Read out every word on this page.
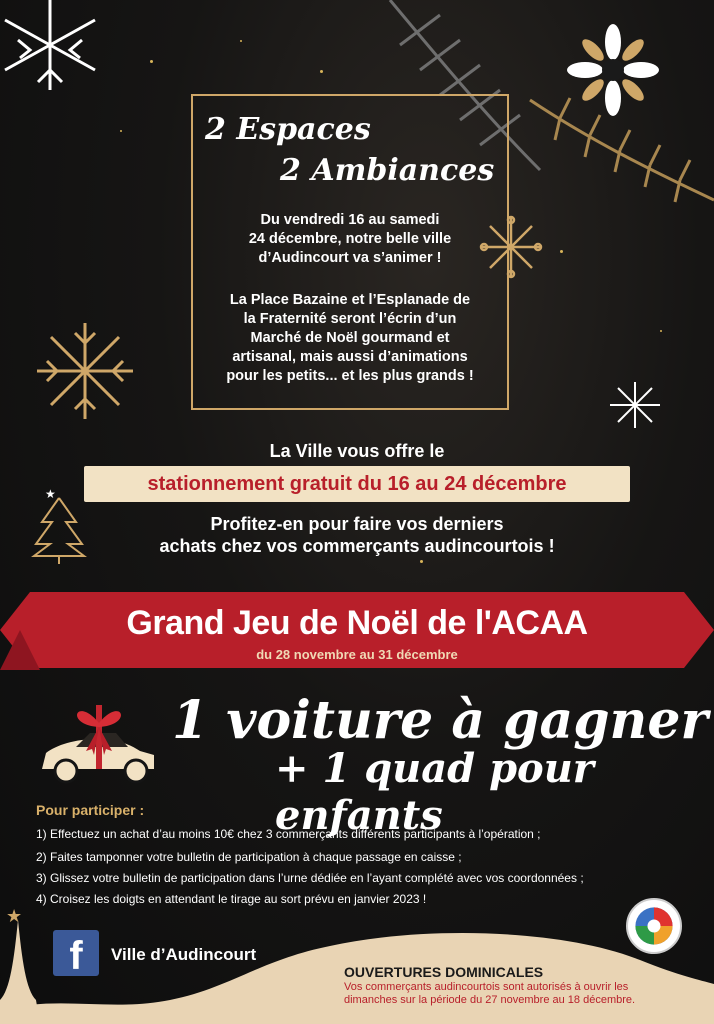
★
2 Espaces
2 Ambiances
Du vendredi 16 au samedi
24 décembre, notre belle ville
d’Audincourt va s’animer !
La Place Bazaine et l’Esplanade de
la Fraternité seront l’écrin d’un
Marché de Noël gourmand et
artisanal, mais aussi d’animations
pour les petits... et les plus grands !
La Ville vous offre le
stationnement gratuit du 16 au 24 décembre
Profitez-en pour faire vos derniers
achats chez vos commerçants audincourtois !
Grand Jeu de Noël de l'ACAA
du 28 novembre au 31 décembre
1 voiture à gagner
+ 1 quad pour enfants
Pour participer :
1) Effectuez un achat d’au moins 10€ chez 3 commerçants différents participants à l’opération ;
2) Faites tamponner votre bulletin de participation à chaque passage en caisse ;
3) Glissez votre bulletin de participation dans l’urne dédiée en l’ayant complété avec vos coordonnées ;
4) Croisez les doigts en attendant le tirage au sort prévu en janvier 2023 !
★
f Ville d’Audincourt
OUVERTURES DOMINICALES
Vos commerçants audincourtois sont autorisés à ouvrir les
dimanches sur la période du 27 novembre au 18 décembre.
